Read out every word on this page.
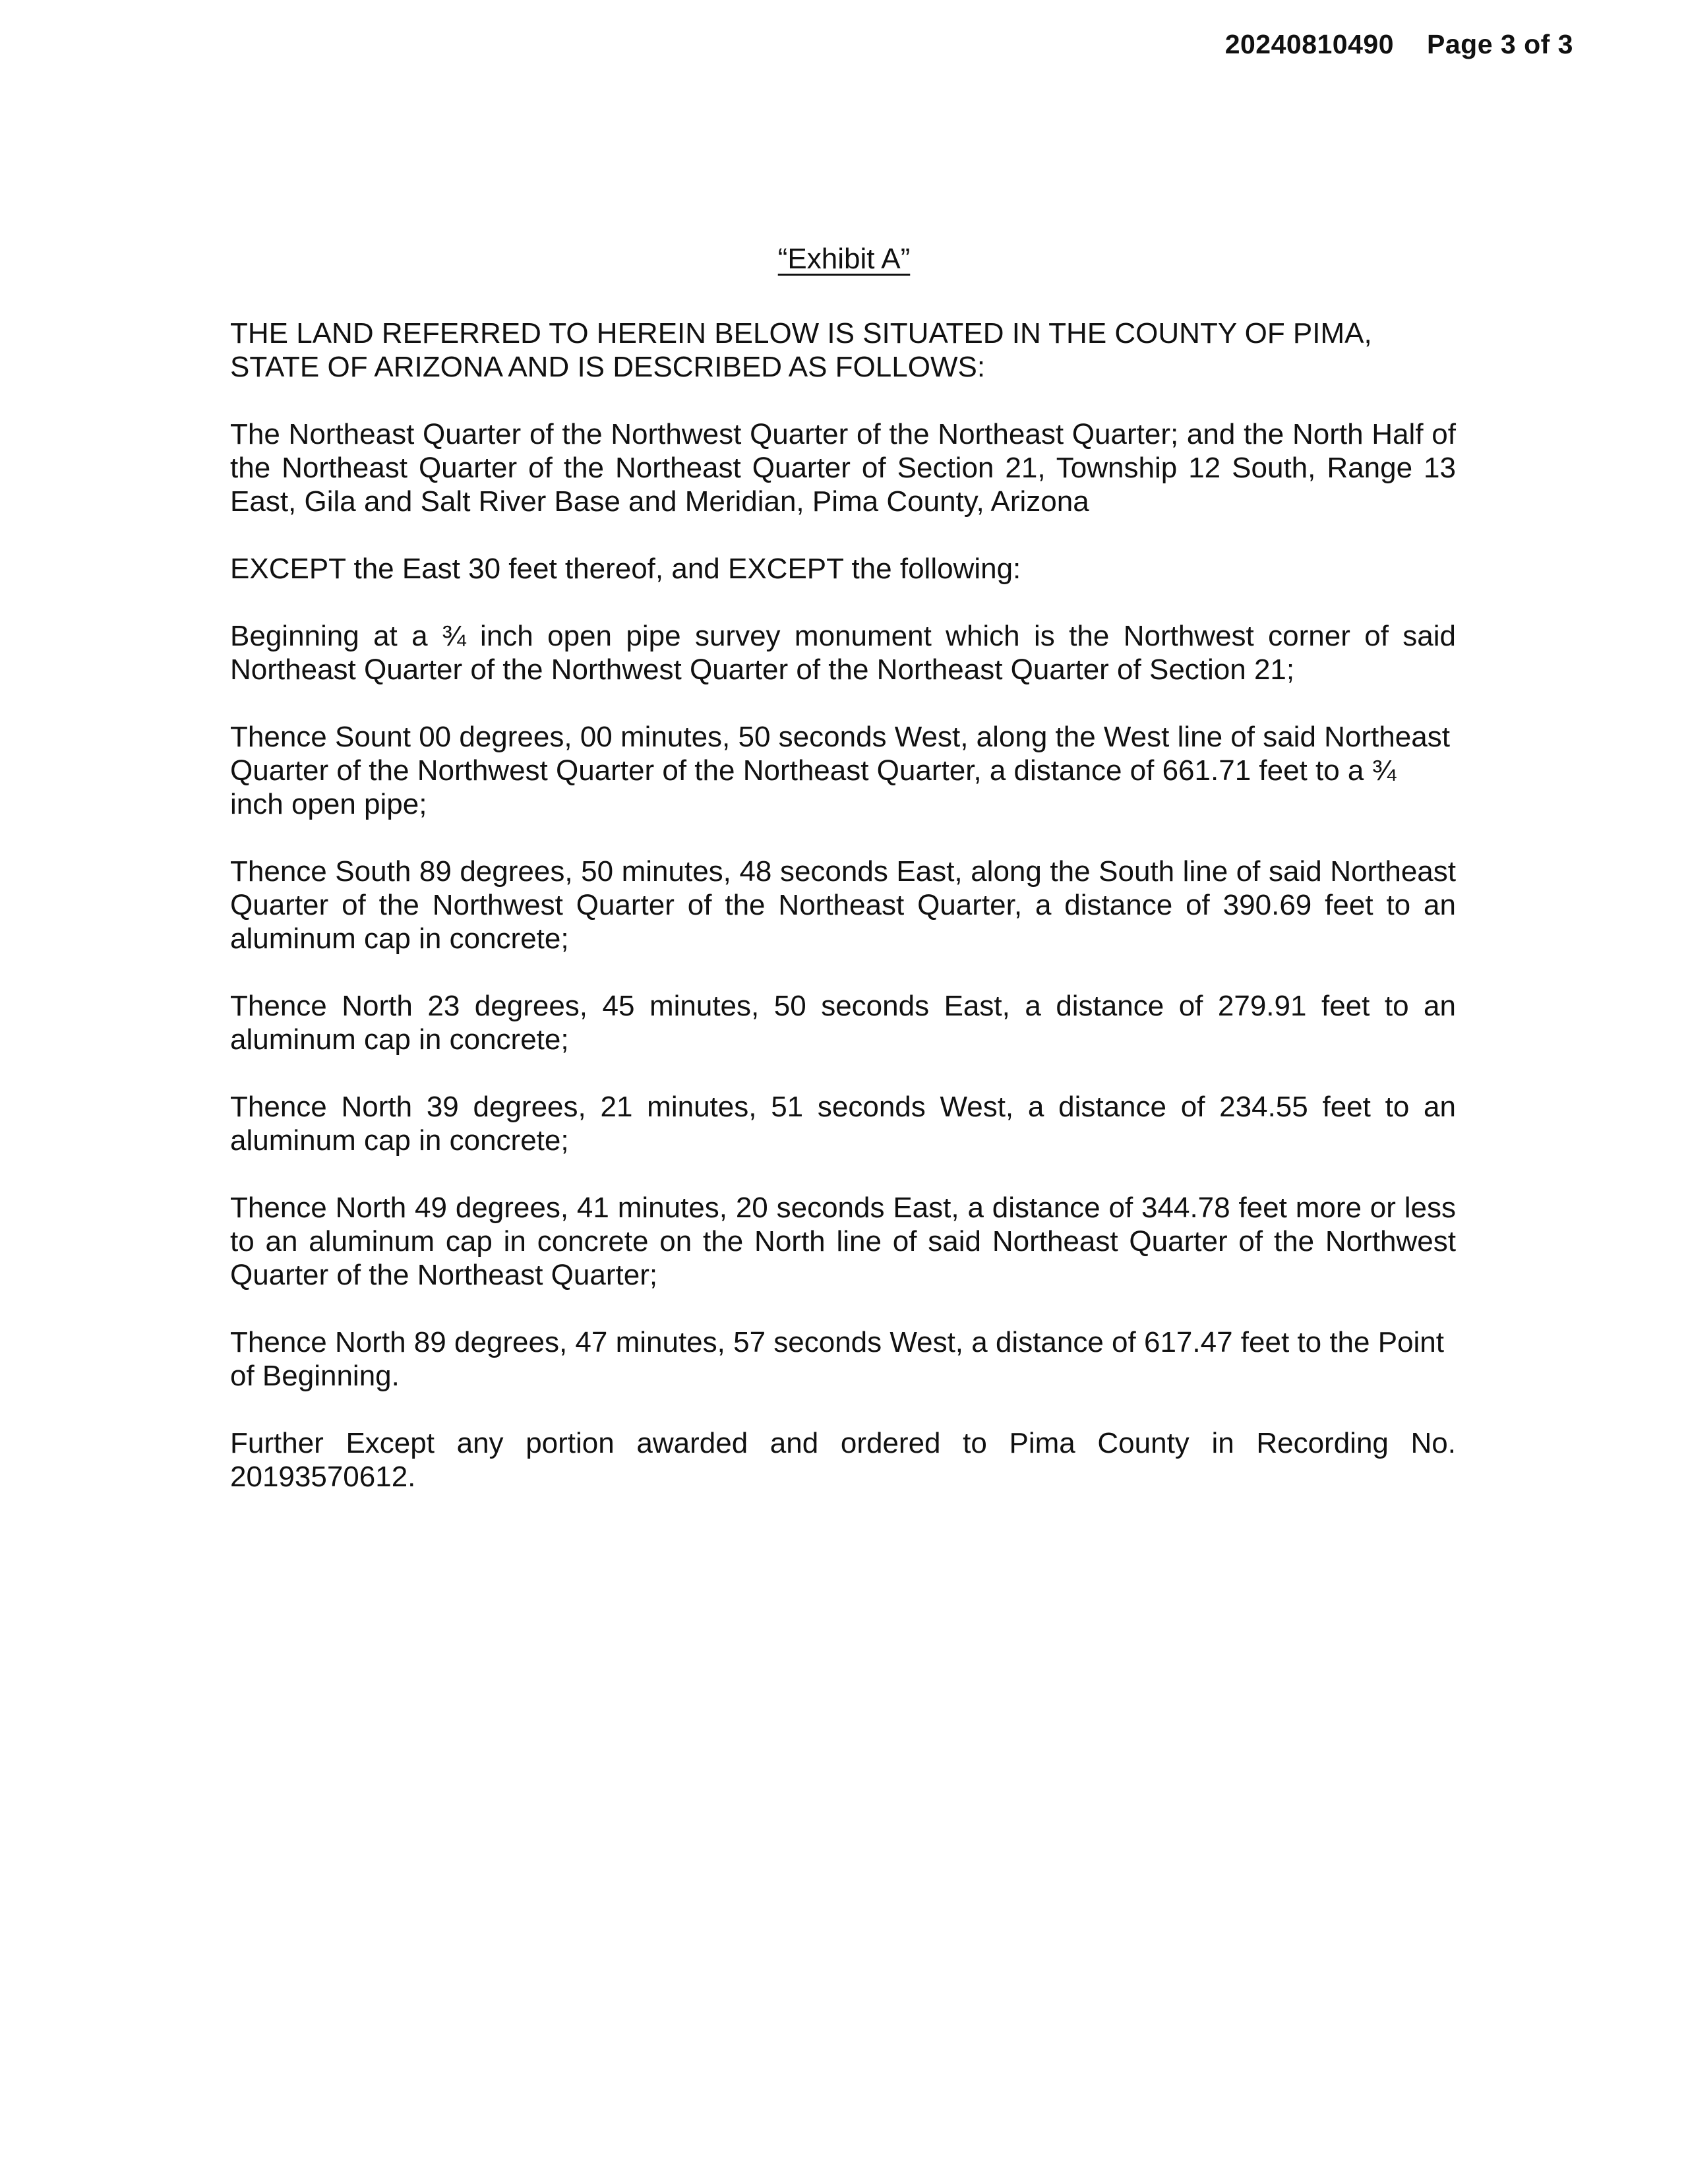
20240810490 Page 3 of 3
“Exhibit A”

THE LAND REFERRED TO HEREIN BELOW IS SITUATED IN THE COUNTY OF PIMA, STATE OF ARIZONA AND IS DESCRIBED AS FOLLOWS:

The Northeast Quarter of the Northwest Quarter of the Northeast Quarter; and the North Half of the Northeast Quarter of the Northeast Quarter of Section 21, Township 12 South, Range 13 East, Gila and Salt River Base and Meridian, Pima County, Arizona

EXCEPT the East 30 feet thereof, and EXCEPT the following:

Beginning at a ¾ inch open pipe survey monument which is the Northwest corner of said Northeast Quarter of the Northwest Quarter of the Northeast Quarter of Section 21;

Thence Sount 00 degrees, 00 minutes, 50 seconds West, along the West line of said Northeast Quarter of the Northwest Quarter of the Northeast Quarter, a distance of 661.71 feet to a ¾ inch open pipe;

Thence South 89 degrees, 50 minutes, 48 seconds East, along the South line of said Northeast Quarter of the Northwest Quarter of the Northeast Quarter, a distance of 390.69 feet to an aluminum cap in concrete;

Thence North 23 degrees, 45 minutes, 50 seconds East, a distance of 279.91 feet to an aluminum cap in concrete;

Thence North 39 degrees, 21 minutes, 51 seconds West, a distance of 234.55 feet to an aluminum cap in concrete;

Thence North 49 degrees, 41 minutes, 20 seconds East, a distance of 344.78 feet more or less to an aluminum cap in concrete on the North line of said Northeast Quarter of the Northwest Quarter of the Northeast Quarter;

Thence North 89 degrees, 47 minutes, 57 seconds West, a distance of 617.47 feet to the Point of Beginning.

Further Except any portion awarded and ordered to Pima County in Recording No. 20193570612.
